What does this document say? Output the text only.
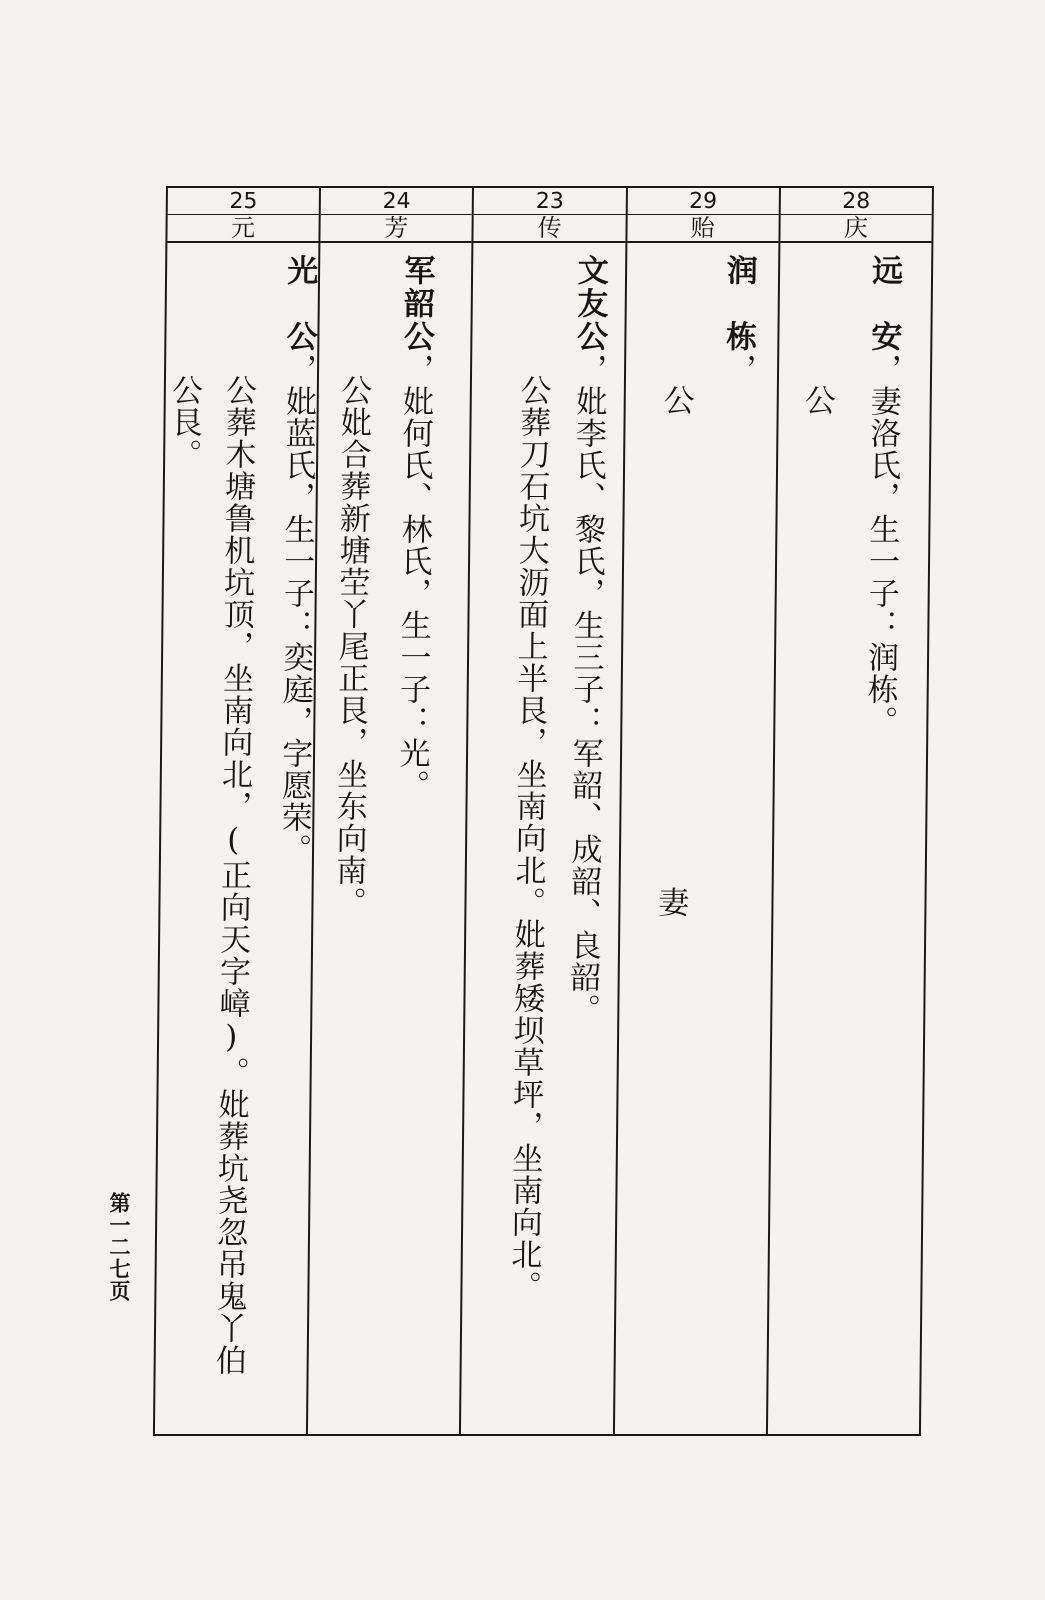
28
庆
远　安，妻洛氏，生一子：润栋。
公
29
贻
润　栋，
公妻
23
传
文友公，妣李氏、黎氏，生三子：军韶、成韶、良韶。
公葬刀石坑大沥面上半艮，坐南向北。妣葬矮坝草坪，坐南向北。
24
芳
军韶公，妣何氏、林氏，生一子：光。
公妣合葬新塘茔丫尾正艮，坐东向南。
25
元
光　公，妣蓝氏，生一子：奕庭，字愿荣。
公葬木塘鲁机坑顶，坐南向北，(正向天字嶂)。妣葬坑尧忽吊鬼丫伯
公艮。
第一二七页
